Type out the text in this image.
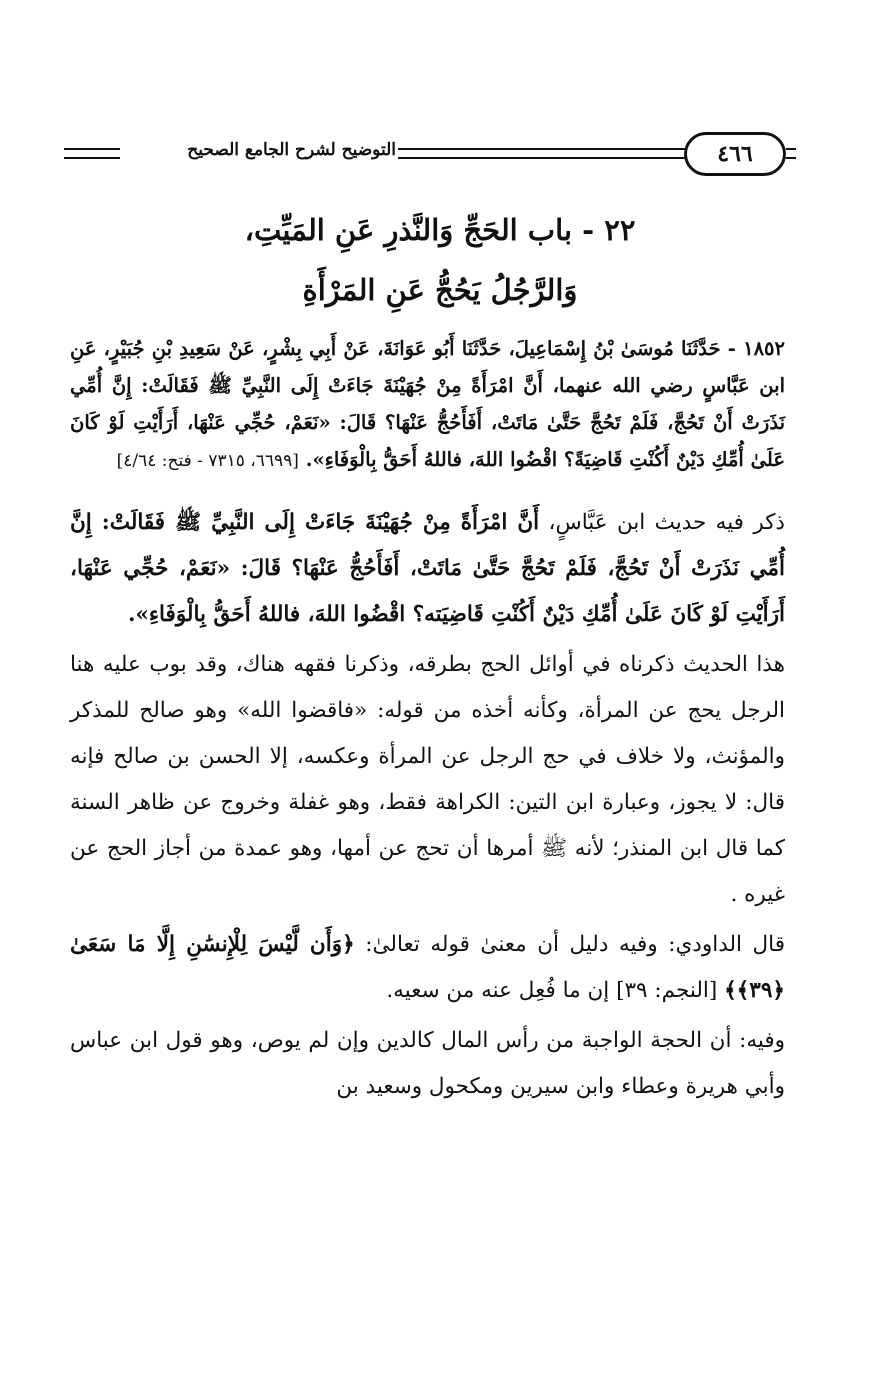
التوضيح لشرح الجامع الصحيح	٤٦٦
٢٢ - باب الحَجِّ وَالنَّذرِ عَنِ المَيِّتِ،
وَالرَّجُلُ يَحُجُّ عَنِ المَرْأَةِ

١٨٥٢ - حَدَّثَنَا مُوسَىٰ بْنُ إِسْمَاعِيلَ، حَدَّثَنَا أَبُو عَوَانَةَ، عَنْ أَبِي بِشْرٍ، عَنْ سَعِيدِ بْنِ جُبَيْرٍ، عَنِ ابن عَبَّاسٍ رضي الله عنهما، أَنَّ امْرَأَةً مِنْ جُهَيْنَةَ جَاءَتْ إِلَى النَّبِيِّ ﷺ فَقَالَتْ: إِنَّ أُمِّي نَذَرَتْ أَنْ تَحُجَّ، فَلَمْ تَحُجَّ حَتَّىٰ مَاتَتْ، أَفَأَحُجُّ عَنْهَا؟ قَالَ: «نَعَمْ، حُجِّي عَنْهَا، أَرَأَيْتِ لَوْ كَانَ عَلَىٰ أُمِّكِ دَيْنٌ أَكُنْتِ قَاضِيَةً؟ اقْضُوا اللهَ، فاللهُ أَحَقُّ بِالْوَفَاءِ». [٦٦٩٩، ٧٣١٥ - فتح: ٤/٦٤]

ذكر فيه حديث ابن عَبَّاسٍ، أَنَّ امْرَأَةً مِنْ جُهَيْنَةَ جَاءَتْ إِلَى النَّبِيِّ ﷺ فَقَالَتْ: إِنَّ أُمِّي نَذَرَتْ أَنْ تَحُجَّ، فَلَمْ تَحُجَّ حَتَّىٰ مَاتَتْ، أَفَأَحُجُّ عَنْهَا؟ قَالَ: «نَعَمْ، حُجِّي عَنْهَا، أَرَأَيْتِ لَوْ كَانَ عَلَىٰ أُمِّكِ دَيْنٌ أَكُنْتِ قَاضِيَته؟ اقْضُوا اللهَ، فاللهُ أَحَقُّ بِالْوَفَاءِ».

هذا الحديث ذكرناه في أوائل الحج بطرقه، وذكرنا فقهه هناك، وقد بوب عليه هنا الرجل يحج عن المرأة، وكأنه أخذه من قوله: «فاقضوا الله» وهو صالح للمذكر والمؤنث، ولا خلاف في حج الرجل عن المرأة وعكسه، إلا الحسن بن صالح فإنه قال: لا يجوز، وعبارة ابن التين: الكراهة فقط، وهو غفلة وخروج عن ظاهر السنة كما قال ابن المنذر؛ لأنه ﷺ أمرها أن تحج عن أمها، وهو عمدة من أجاز الحج عن غيره .

قال الداودي: وفيه دليل أن معنىٰ قوله تعالىٰ: ﴿وَأَن لَّيْسَ لِلْإِنسَٰنِ إِلَّا مَا سَعَىٰ ﴿٣٩﴾﴾ [النجم: ٣٩] إن ما فُعِل عنه من سعيه.

وفيه: أن الحجة الواجبة من رأس المال كالدين وإن لم يوص، وهو قول ابن عباس وأبي هريرة وعطاء وابن سيرين ومكحول وسعيد بن
